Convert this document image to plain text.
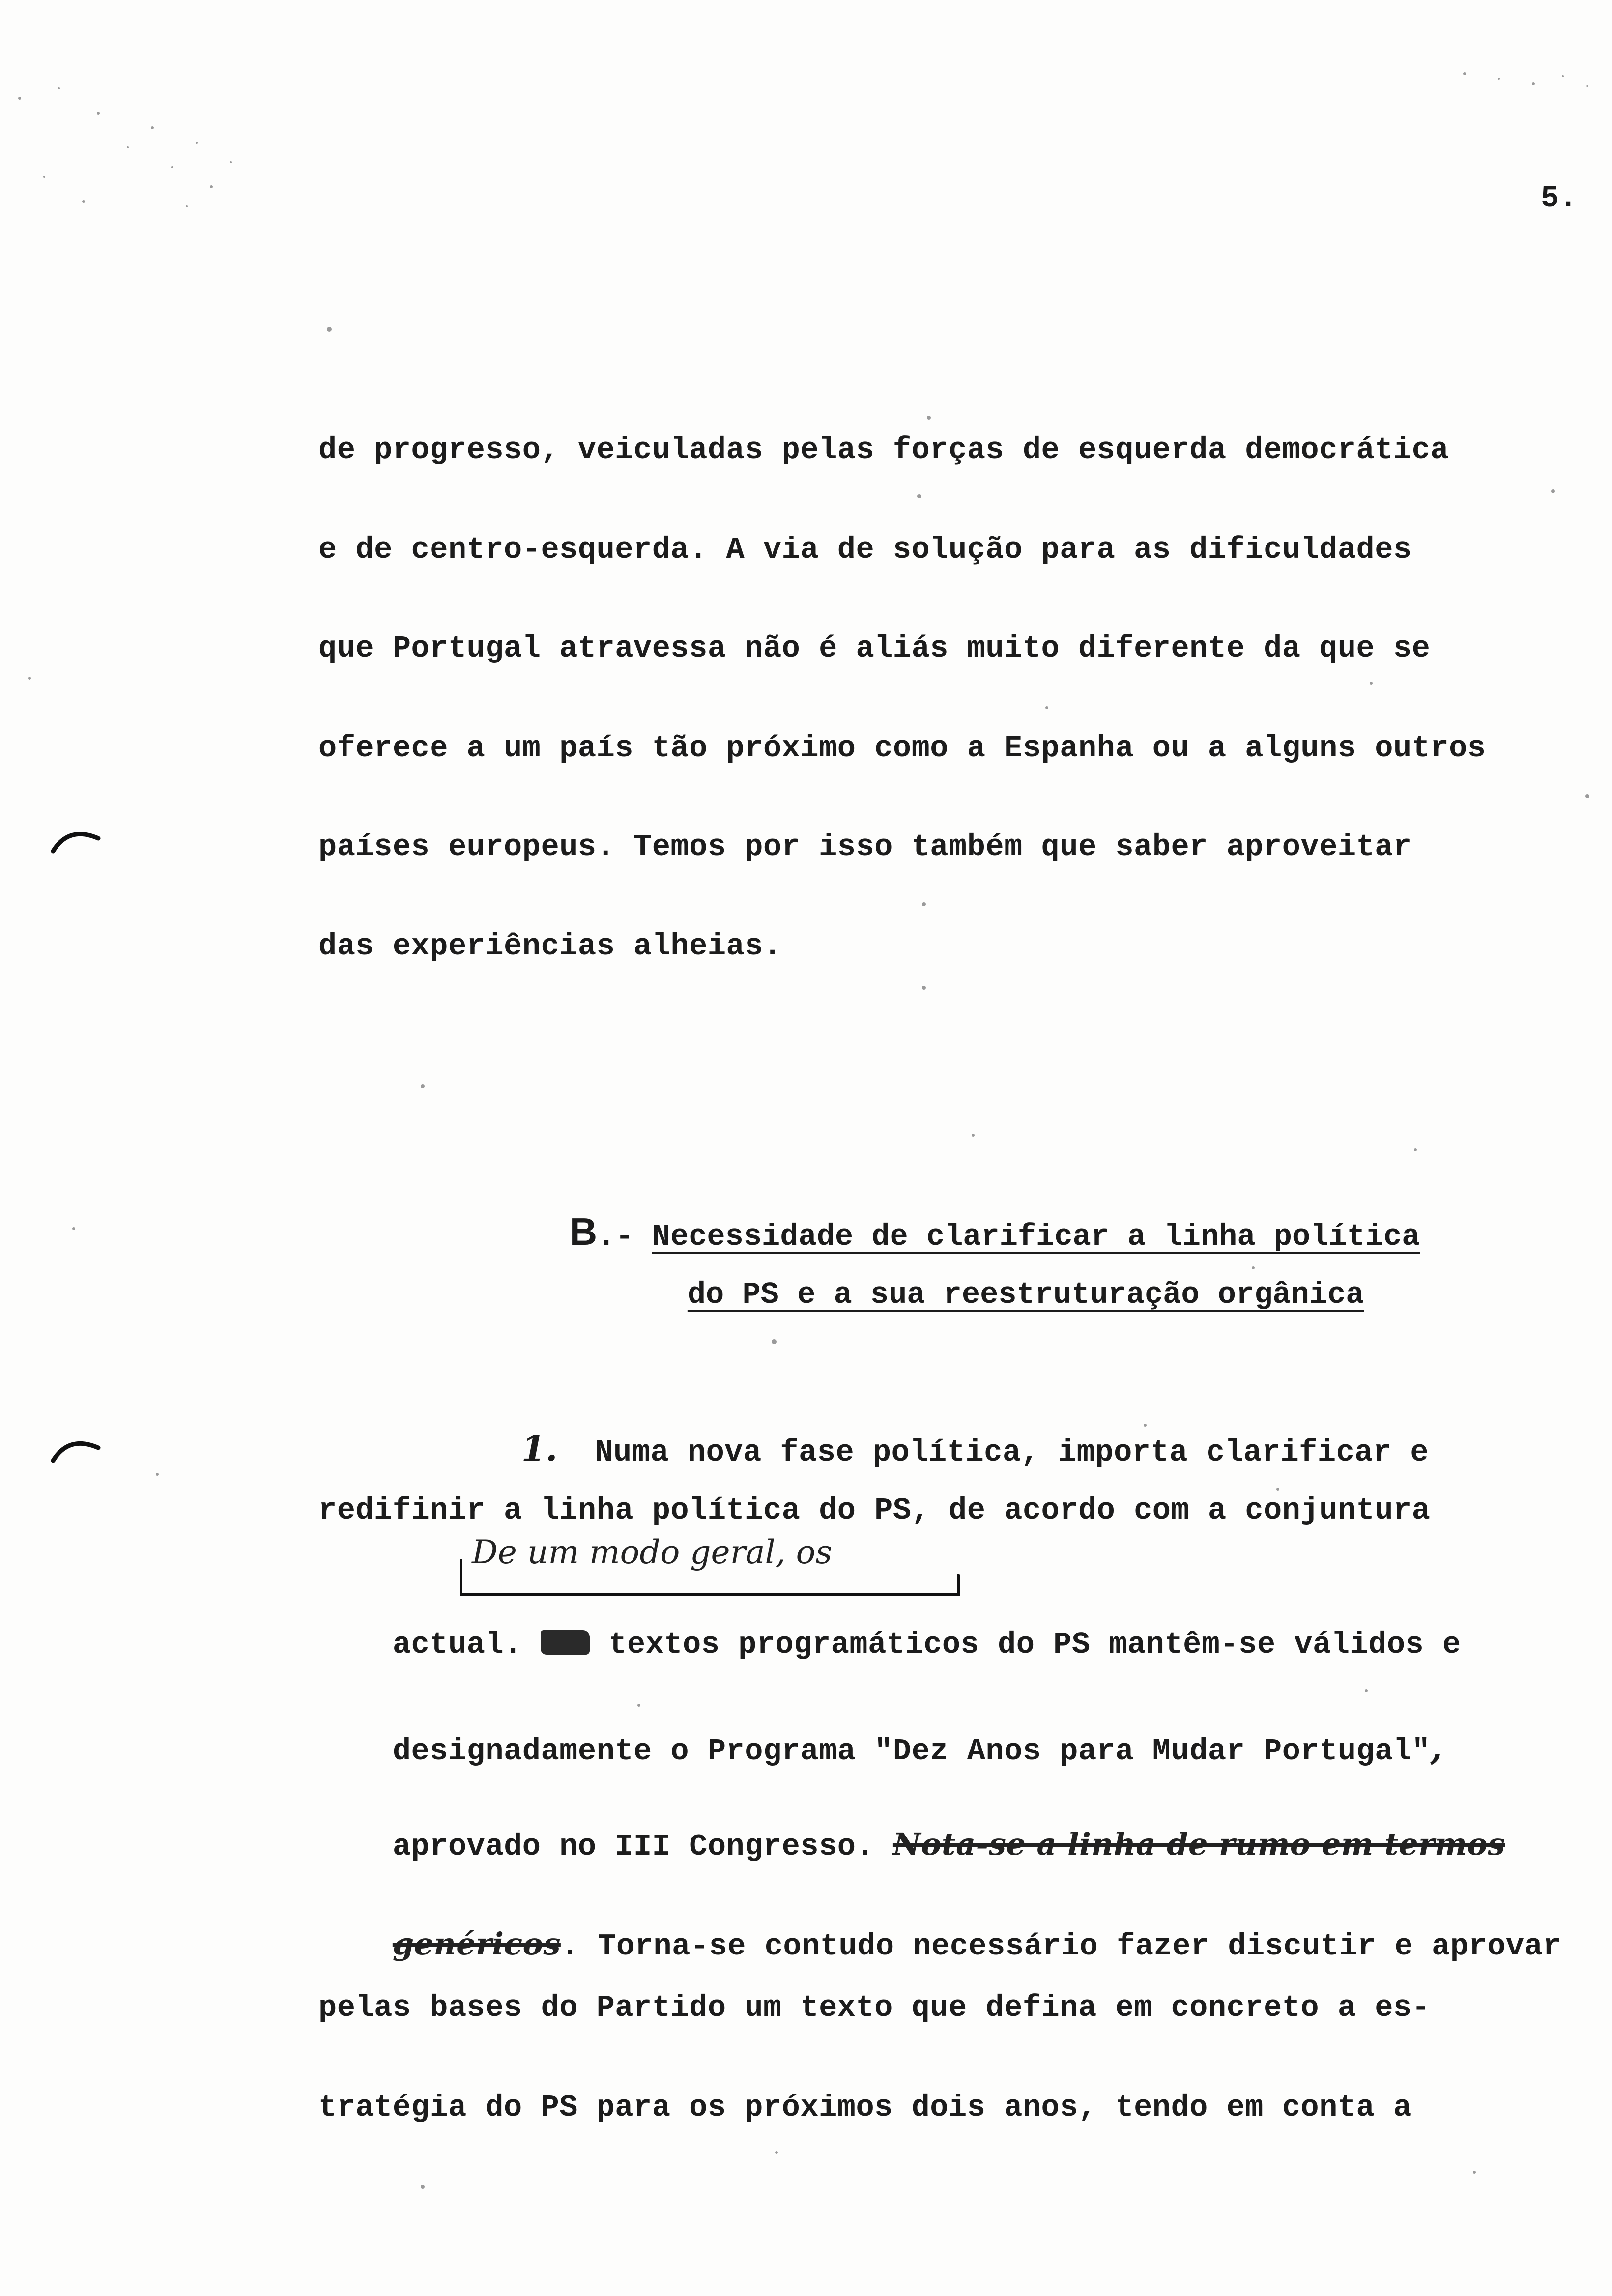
5.
de progresso, veiculadas pelas forças de esquerda democrática
e de centro-esquerda. A via de solução para as dificuldades
que Portugal atravessa não é aliás muito diferente da que se
oferece a um país tão próximo como a Espanha ou a alguns outros
países europeus. Temos por isso também que saber aproveitar
das experiências alheias.

B.- Necessidade de clarificar a linha política

do PS e a sua reestruturação orgânica

1. Numa nova fase política, importa clarificar e

redifinir a linha política do PS, de acordo com a conjuntura
De um modo geral, os

actual.  textos programáticos do PS mantêm-se válidos e

designadamente o Programa "Dez Anos para Mudar Portugal",

aprovado no III Congresso. Nota-se a linha de rumo em termos

genéricos. Torna-se contudo necessário fazer discutir e aprovar

pelas bases do Partido um texto que defina em concreto a es-
tratégia do PS para os próximos dois anos, tendo em conta a
